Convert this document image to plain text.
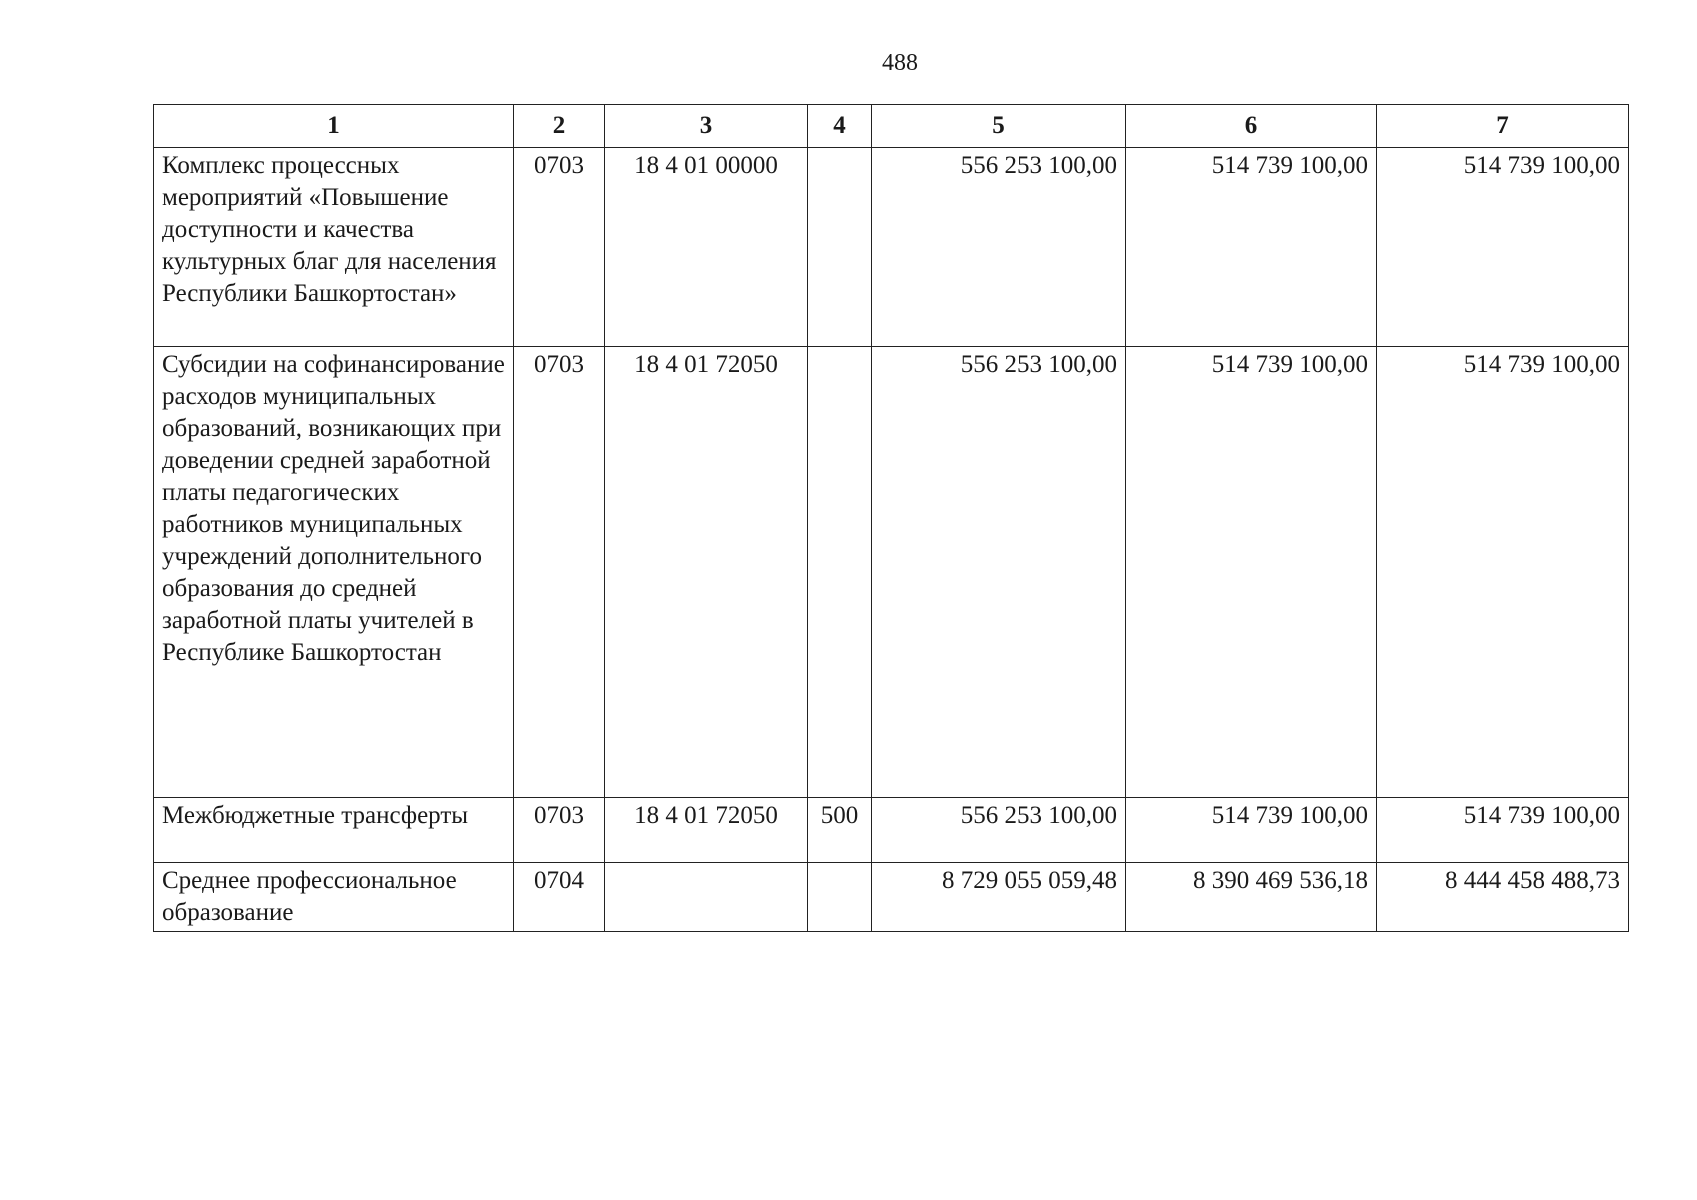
488
1	2	3	4	5	6	7
Комплекс процессных мероприятий «Повышение доступности и качества культурных благ для населения Республики Башкортостан»	0703	18 4 01 00000		556 253 100,00	514 739 100,00	514 739 100,00
Субсидии на софинансирование расходов муниципальных образований, возникающих при доведении средней заработной платы педагогических работников муниципальных учреждений дополнительного образования до средней заработной платы учителей в Республике Башкортостан	0703	18 4 01 72050		556 253 100,00	514 739 100,00	514 739 100,00
Межбюджетные трансферты	0703	18 4 01 72050	500	556 253 100,00	514 739 100,00	514 739 100,00
Среднее профессиональное образование	0704			8 729 055 059,48	8 390 469 536,18	8 444 458 488,73
